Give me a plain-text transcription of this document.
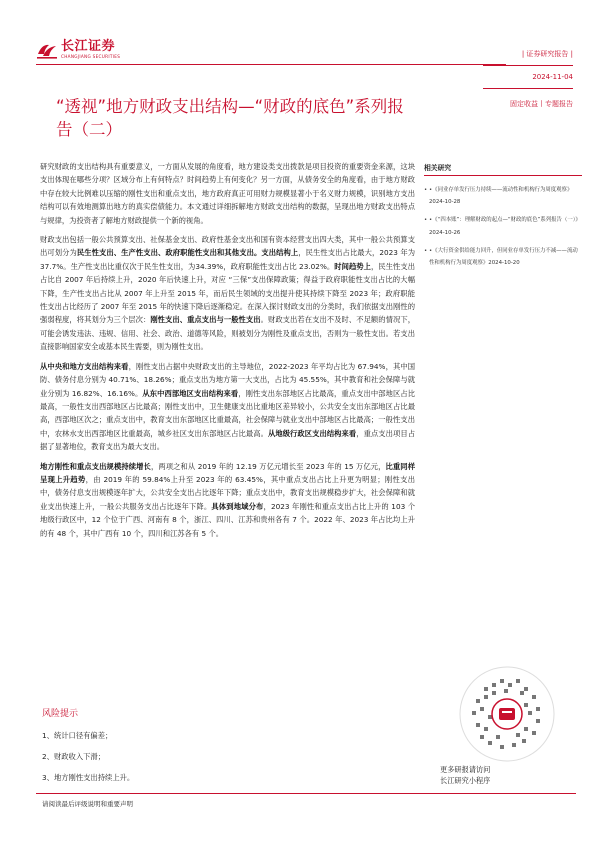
长江证券
CHANGJIANG SECURITIES	| 证券研究报告 |
2024-11-04
固定收益丨专题报告
“透视”地方财政支出结构—“财政的底色”系列报告（二）

研究财政的支出结构具有重要意义，一方面从发展的角度看，地方建设类支出拨款是项目投资的重要资金来源，这块支出体现在哪些分项？区域分布上有何特点？时间趋势上有何变化？另一方面，从债务安全的角度看，由于地方财政中存在较大比例难以压缩的刚性支出和重点支出，地方政府真正可用财力规模显著小于名义财力规模，识别地方支出结构可以有效地测算出地方的真实偿债能力。本文通过详细拆解地方财政支出结构的数据，呈现出地方财政支出特点与规律，为投资者了解地方财政提供一个新的视角。

财政支出包括一般公共预算支出、社保基金支出、政府性基金支出和国有资本经营支出四大类，其中一般公共预算支出可划分为民生性支出、生产性支出、政府职能性支出和其他支出。支出结构上，民生性支出占比最大，2023 年为 37.7%。生产性支出比重仅次于民生性支出，为34.39%，政府职能性支出占比 23.02%。时间趋势上，民生性支出占比自 2007 年后持续上升，2020 年后快速上升，对应 “三保”支出保障政策；得益于政府职能性支出占比的大幅下降，生产性支出占比从 2007 年上升至 2015 年，而后民生领域的支出提升使其持续下降至 2023 年；政府职能性支出占比经历了 2007 年至 2015 年的快速下降后逐渐稳定。在深入探讨财政支出的分类时，我们依据支出刚性的强弱程度，将其划分为三个层次：刚性支出、重点支出与一般性支出。财政支出若在支出不及时、不足额的情况下，可能会诱发违法、违规、信用、社会、政治、道德等风险，则被划分为刚性及重点支出，否则为一般性支出。若支出直接影响国家安全或基本民生需要，则为刚性支出。

从中央和地方支出结构来看，刚性支出占据中央财政支出的主导地位，2022-2023 年平均占比为 67.94%，其中国防、债务付息分别为 40.71%、18.26%；重点支出为地方第一大支出，占比为 45.55%，其中教育和社会保障与就业分别为 16.82%、16.16%。从东中西部地区支出结构来看，刚性支出东部地区占比最高，重点支出中部地区占比最高，一般性支出西部地区占比最高；刚性支出中，卫生健康支出比重地区差异较小，公共安全支出东部地区占比最高，西部地区次之；重点支出中，教育支出东部地区比重最高，社会保障与就业支出中部地区占比最高；一般性支出中，农林水支出西部地区比重最高，城乡社区支出东部地区占比最高。从地级行政区支出结构来看，重点支出项目占据了显著地位，教育支出为最大支出。

地方刚性和重点支出规模持续增长，两项之和从 2019 年的 12.19 万亿元增长至 2023 年的 15 万亿元，比重同样呈现上升趋势，由 2019 年的 59.84%上升至 2023 年的 63.45%，其中重点支出占比上升更为明显；刚性支出中，债务付息支出规模逐年扩大，公共安全支出占比逐年下降；重点支出中，教育支出规模稳步扩大，社会保障和就业支出快速上升，一般公共服务支出占比逐年下降。具体到地域分布，2023 年刚性和重点支出占比上升的 103 个地级行政区中，12 个位于广西、河南有 8 个，浙江、四川、江苏和贵州各有 7 个。2022 年、2023 年占比均上升的有 48 个，其中广西有 10 个，四川和江苏各有 5 个。

风险提示
1、统计口径有偏差；
2、财政收入下滑；
3、地方刚性支出持续上升。
请阅读最后评级说明和重要声明
相关研究
• •《同业存单发行压力持续——流动性和机构行为周度观察》2024-10-28
• •《“四本账”：理解财政的起点—“财政的底色”系列报告（一）》2024-10-26
• •《大行资金供给能力回升，但同业存单发行压力不减——流动性和机构行为周度观察》2024-10-20
更多研报请访问
长江研究小程序
